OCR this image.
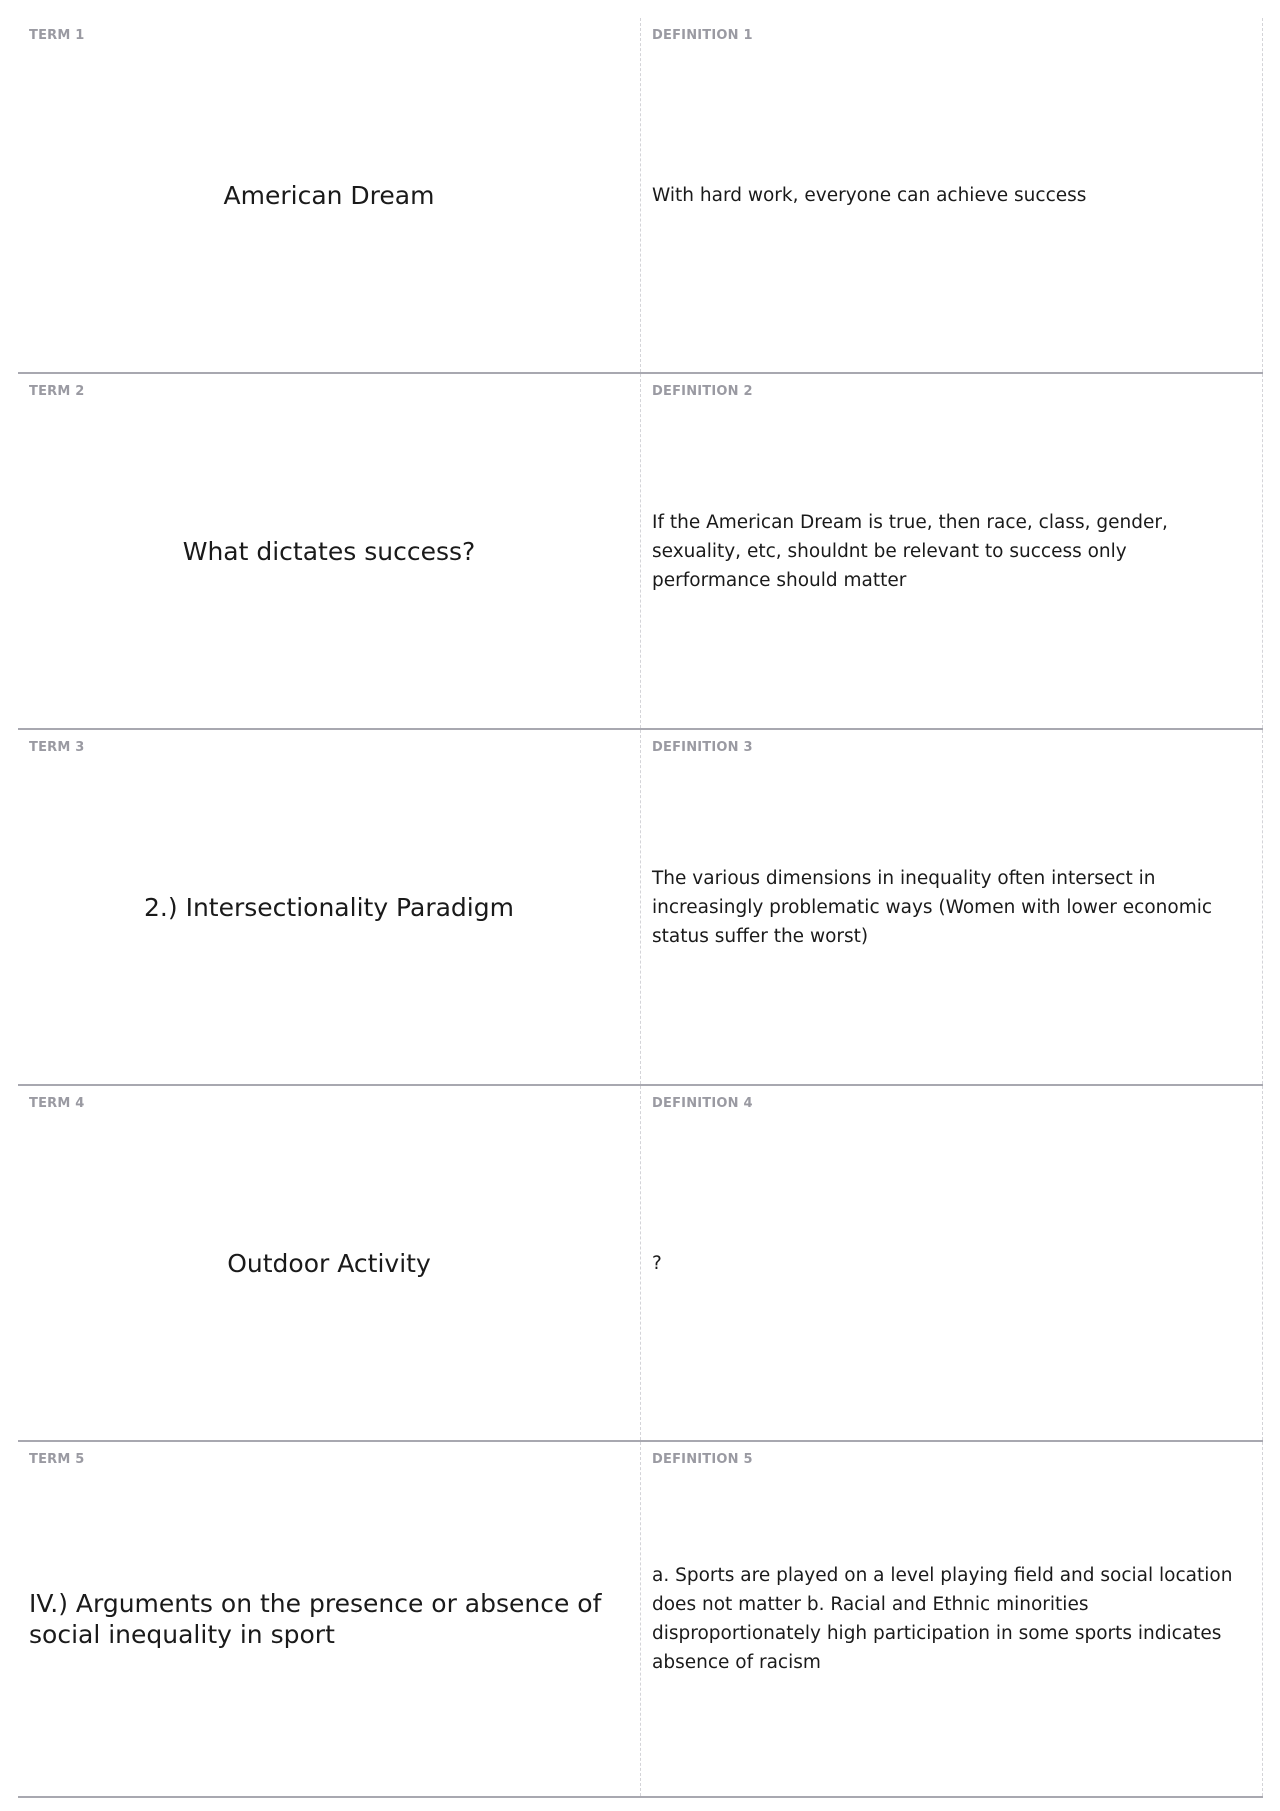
TERM 1
American Dream
DEFINITION 1
With hard work, everyone can achieve success
TERM 2
What dictates success?
DEFINITION 2
If the American Dream is true, then race, class, gender, sexuality, etc, shouldnt be relevant to success only performance should matter
TERM 3
2.) Intersectionality Paradigm
DEFINITION 3
The various dimensions in inequality often intersect in increasingly problematic ways (Women with lower economic status suffer the worst)
TERM 4
Outdoor Activity
DEFINITION 4
?
TERM 5
IV.) Arguments on the presence or absence of social inequality in sport
DEFINITION 5
a. Sports are played on a level playing field and social location does not matter b. Racial and Ethnic minorities disproportionately high participation in some sports indicates absence of racism
